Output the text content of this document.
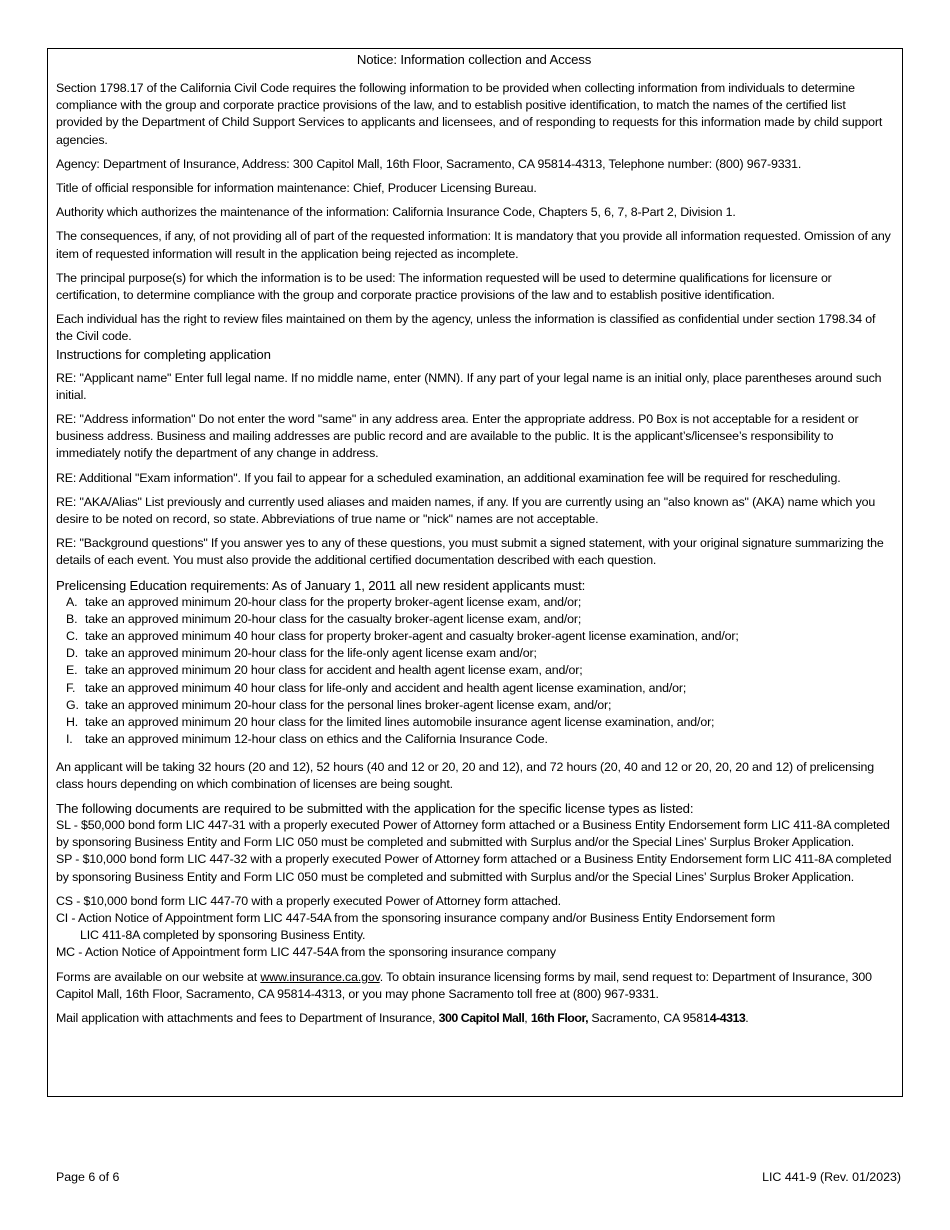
Notice: Information collection and Access

Section 1798.17 of the California Civil Code requires the following information to be provided when collecting information from individuals to determine compliance with the group and corporate practice provisions of the law, and to establish positive identification, to match the names of the certified list provided by the Department of Child Support Services to applicants and licensees, and of responding to requests for this information made by child support agencies.

Agency: Department of Insurance, Address: 300 Capitol Mall, 16th Floor, Sacramento, CA 95814-4313, Telephone number: (800) 967-9331.

Title of official responsible for information maintenance: Chief, Producer Licensing Bureau.

Authority which authorizes the maintenance of the information: California Insurance Code, Chapters 5, 6, 7, 8-Part 2, Division 1.

The consequences, if any, of not providing all of part of the requested information: It is mandatory that you provide all information requested. Omission of any item of requested information will result in the application being rejected as incomplete.

The principal purpose(s) for which the information is to be used: The information requested will be used to determine qualifications for licensure or certification, to determine compliance with the group and corporate practice provisions of the law and to establish positive identification.

Each individual has the right to review files maintained on them by the agency, unless the information is classified as confidential under section 1798.34 of the Civil code.

Instructions for completing application

RE: "Applicant name" Enter full legal name. If no middle name, enter (NMN). If any part of your legal name is an initial only, place parentheses around such initial.

RE: "Address information" Do not enter the word "same" in any address area. Enter the appropriate address. P0 Box is not acceptable for a resident or business address. Business and mailing addresses are public record and are available to the public. It is the applicant’s/licensee’s responsibility to immediately notify the department of any change in address.

RE: Additional "Exam information". If you fail to appear for a scheduled examination, an additional examination fee will be required for rescheduling.

RE: "AKA/Alias" List previously and currently used aliases and maiden names, if any. If you are currently using an "also known as" (AKA) name which you desire to be noted on record, so state. Abbreviations of true name or "nick" names are not acceptable.

RE: "Background questions" If you answer yes to any of these questions, you must submit a signed statement, with your original signature summarizing the details of each event. You must also provide the additional certified documentation described with each question.

Prelicensing Education requirements: As of January 1, 2011 all new resident applicants must:
A. take an approved minimum 20-hour class for the property broker-agent license exam, and/or;
B. take an approved minimum 20-hour class for the casualty broker-agent license exam, and/or;
C. take an approved minimum 40 hour class for property broker-agent and casualty broker-agent license examination, and/or;
D. take an approved minimum 20-hour class for the life-only agent license exam and/or;
E. take an approved minimum 20 hour class for accident and health agent license exam, and/or;
F. take an approved minimum 40 hour class for life-only and accident and health agent license examination, and/or;
G. take an approved minimum 20-hour class for the personal lines broker-agent license exam, and/or;
H. take an approved minimum 20 hour class for the limited lines automobile insurance agent license examination, and/or;
I.	take an approved minimum 12-hour class on ethics and the California Insurance Code.

An applicant will be taking 32 hours (20 and 12), 52 hours (40 and 12 or 20, 20 and 12), and 72 hours (20, 40 and 12 or 20, 20, 20 and 12) of prelicensing class hours depending on which combination of licenses are being sought.

The following documents are required to be submitted with the application for the specific license types as listed:

SL - $50,000 bond form LIC 447-31 with a properly executed Power of Attorney form attached or a Business Entity Endorsement form LIC 411-8A completed by sponsoring Business Entity and Form LIC 050 must be completed and submitted with Surplus and/or the Special Lines’ Surplus Broker Application.

SP - $10,000 bond form LIC 447-32 with a properly executed Power of Attorney form attached or a Business Entity Endorsement form LIC 411-8A completed by sponsoring Business Entity and Form LIC 050 must be completed and submitted with Surplus and/or the Special Lines’ Surplus Broker Application.

CS - $10,000 bond form LIC 447-70 with a properly executed Power of Attorney form attached.

CI - Action Notice of Appointment form LIC 447-54A from the sponsoring insurance company and/or Business Entity Endorsement form

LIC 411-8A completed by sponsoring Business Entity.

MC - Action Notice of Appointment form LIC 447-54A from the sponsoring insurance company

Forms are available on our website at www.insurance.ca.gov. To obtain insurance licensing forms by mail, send request to: Department of Insurance, 300 Capitol Mall, 16th Floor, Sacramento, CA 95814-4313, or you may phone Sacramento toll free at (800) 967-9331.

Mail application with attachments and fees to Department of Insurance, 300 Capitol Mall, 16th Floor, Sacramento, CA 95814-4313.

Page 6 of 6	LIC 441-9 (Rev. 01/2023)
